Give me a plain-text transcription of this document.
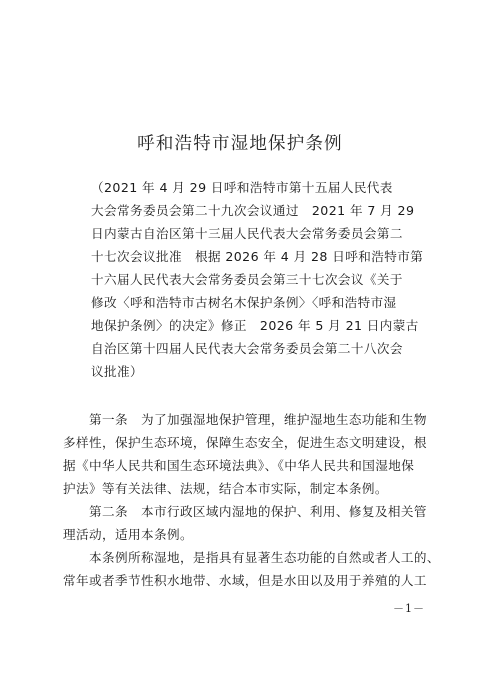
呼和浩特市湿地保护条例
（2021 年 4 月 29 日呼和浩特市第十五届人民代表
大会常务委员会第二十九次会议通过　2021 年 7 月 29
日内蒙古自治区第十三届人民代表大会常务委员会第二
十七次会议批准　根据 2026 年 4 月 28 日呼和浩特市第
十六届人民代表大会常务委员会第三十七次会议《关于
修改〈呼和浩特市古树名木保护条例〉〈呼和浩特市湿
地保护条例〉的决定》修正　2026 年 5 月 21 日内蒙古
自治区第十四届人民代表大会常务委员会第二十八次会
议批准）
　　第一条　为了加强湿地保护管理，维护湿地生态功能和生物
多样性，保护生态环境，保障生态安全，促进生态文明建设，根
据《中华人民共和国生态环境法典》、《中华人民共和国湿地保
护法》等有关法律、法规，结合本市实际，制定本条例。
　　第二条　本市行政区域内湿地的保护、利用、修复及相关管
理活动，适用本条例。
　　本条例所称湿地，是指具有显著生态功能的自然或者人工的、
常年或者季节性积水地带、水域，但是水田以及用于养殖的人工
－1－
